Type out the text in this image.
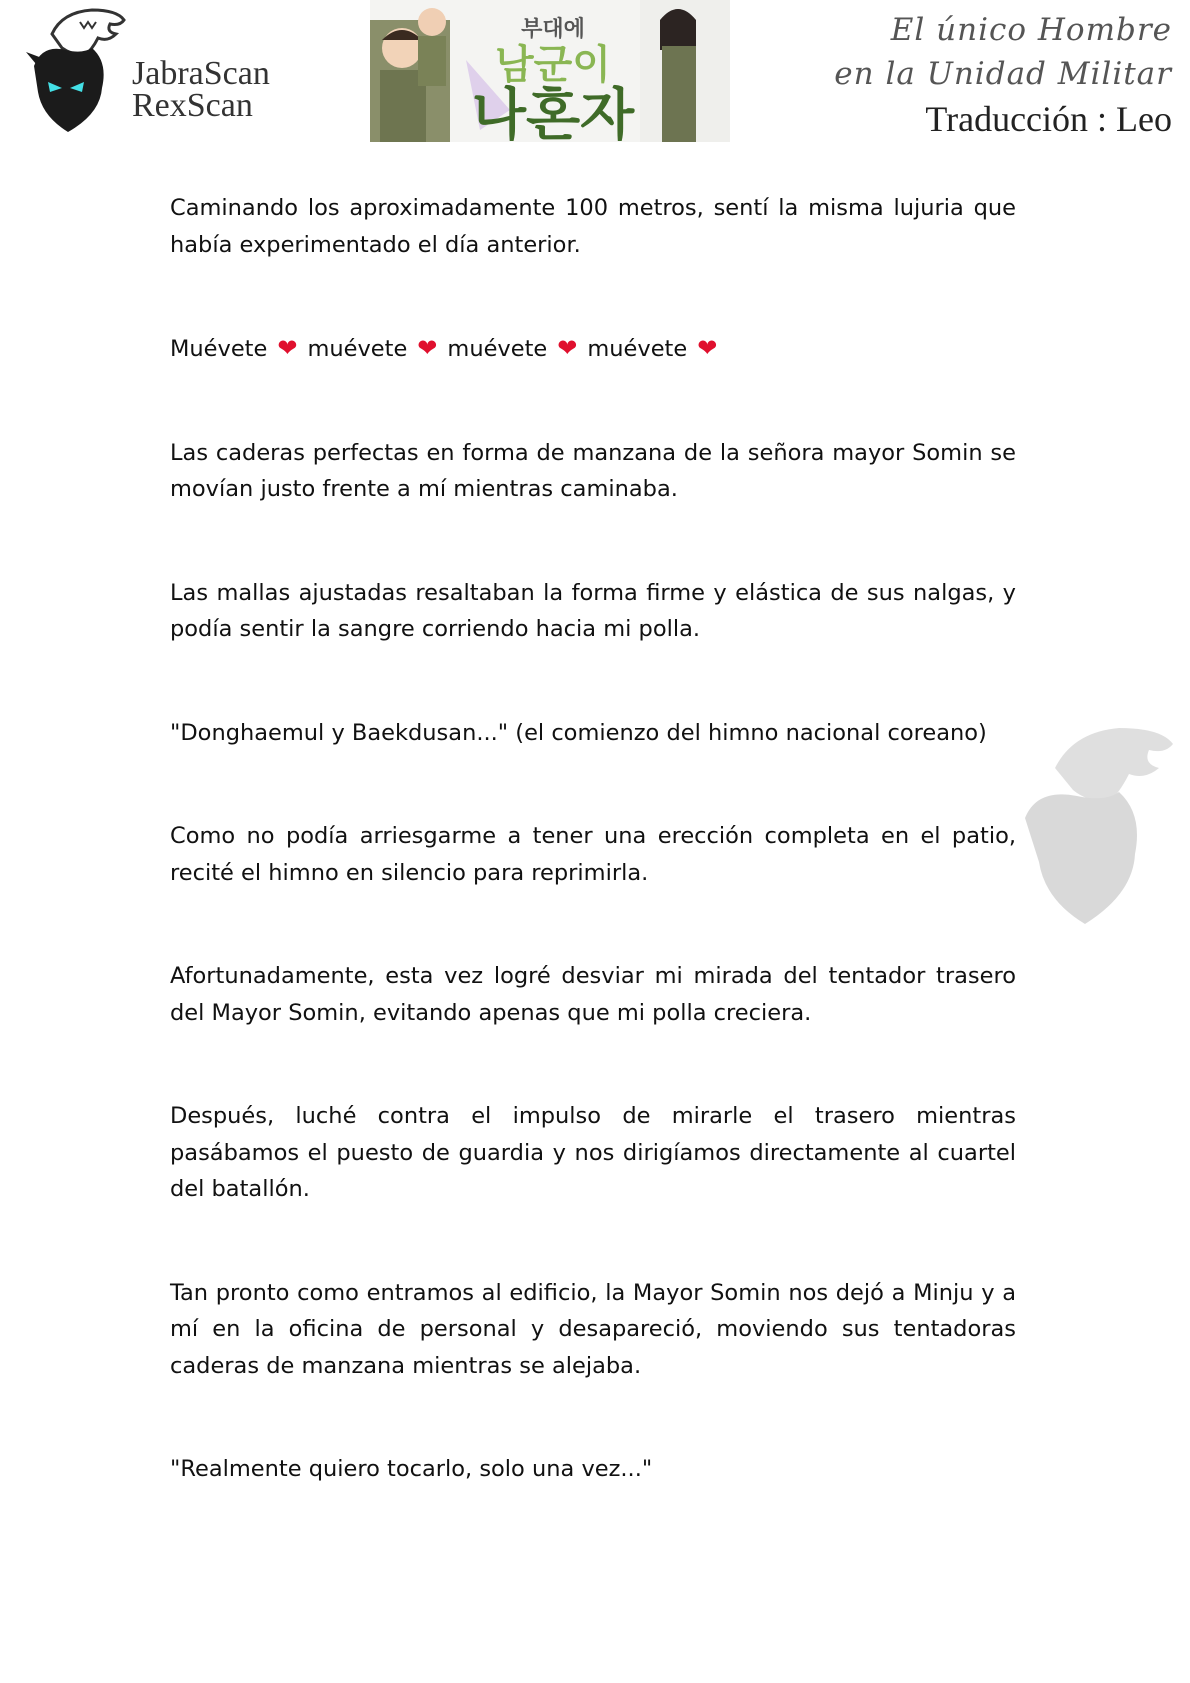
JabraScan
RexScan
부대에
남군이
나혼자
El único Hombre
en la Unidad Militar
Traducción : Leo

Caminando los aproximadamente 100 metros, sentí la misma lujuria que había experimentado el día anterior.

Muévete ❤ muévete ❤ muévete ❤ muévete ❤

Las caderas perfectas en forma de manzana de la señora mayor Somin se movían justo frente a mí mientras caminaba.

Las mallas ajustadas resaltaban la forma firme y elástica de sus nalgas, y podía sentir la sangre corriendo hacia mi polla.

"Donghaemul y Baekdusan..." (el comienzo del himno nacional coreano)

Como no podía arriesgarme a tener una erección completa en el patio, recité el himno en silencio para reprimirla.

Afortunadamente, esta vez logré desviar mi mirada del tentador trasero del Mayor Somin, evitando apenas que mi polla creciera.

Después, luché contra el impulso de mirarle el trasero mientras pasábamos el puesto de guardia y nos dirigíamos directamente al cuartel del batallón.

Tan pronto como entramos al edificio, la Mayor Somin nos dejó a Minju y a mí en la oficina de personal y desapareció, moviendo sus tentadoras caderas de manzana mientras se alejaba.

"Realmente quiero tocarlo, solo una vez..."
